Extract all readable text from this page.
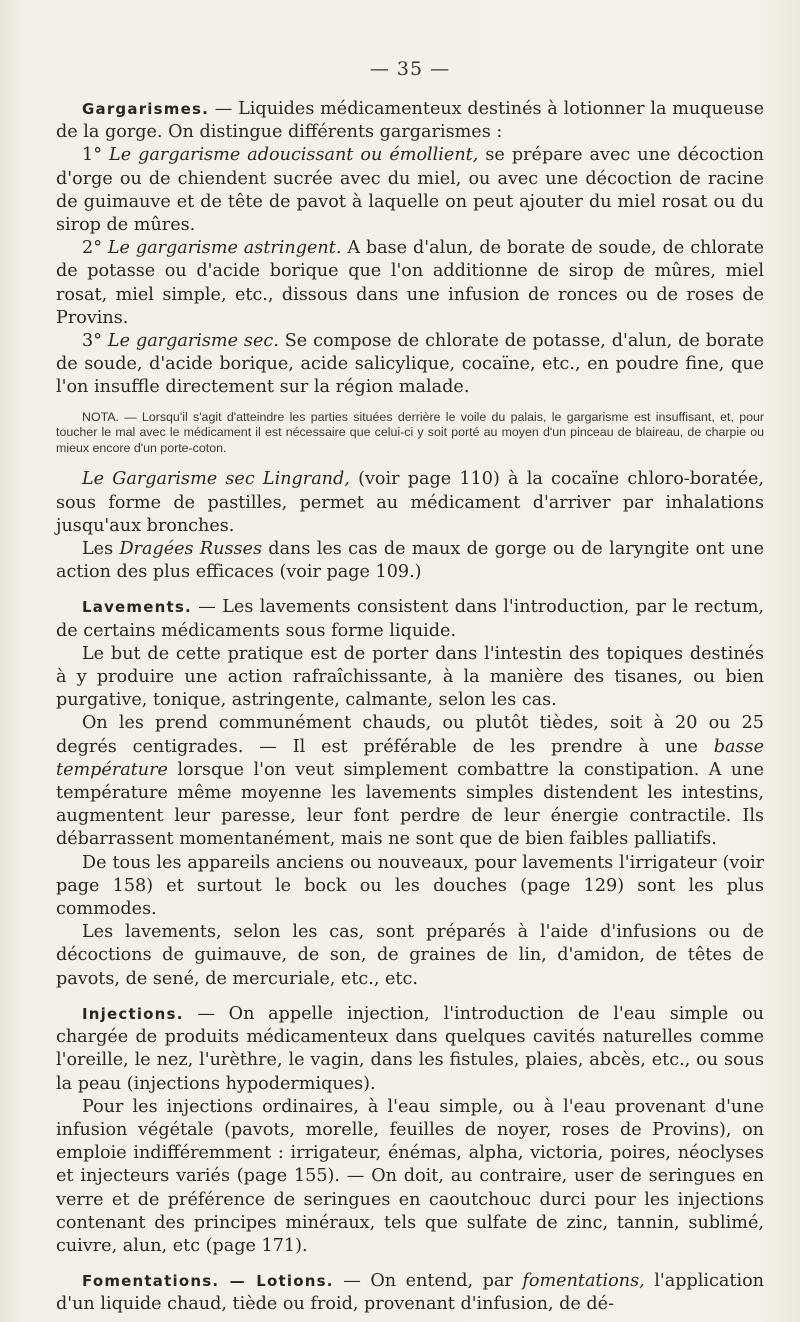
— 35 —

Gargarismes. — Liquides médicamenteux destinés à lotionner la muqueuse de la gorge. On distingue différents gargarismes :

1° Le gargarisme adoucissant ou émollient, se prépare avec une décoction d'orge ou de chiendent sucrée avec du miel, ou avec une décoction de racine de guimauve et de tête de pavot à laquelle on peut ajouter du miel rosat ou du sirop de mûres.

2° Le gargarisme astringent. A base d'alun, de borate de soude, de chlorate de potasse ou d'acide borique que l'on additionne de sirop de mûres, miel rosat, miel simple, etc., dissous dans une infusion de ronces ou de roses de Provins.

3° Le gargarisme sec. Se compose de chlorate de potasse, d'alun, de borate de soude, d'acide borique, acide salicylique, cocaïne, etc., en poudre fine, que l'on insuffle directement sur la région malade.

NOTA. — Lorsqu'il s'agit d'atteindre les parties situées derrière le voile du palais, le gargarisme est insuffisant, et, pour toucher le mal avec le médicament il est nécessaire que celui-ci y soit porté au moyen d'un pinceau de blaireau, de charpie ou mieux encore d'un porte-coton.

Le Gargarisme sec Lingrand, (voir page 110) à la cocaïne chloro-boratée, sous forme de pastilles, permet au médicament d'arriver par inhalations jusqu'aux bronches.

Les Dragées Russes dans les cas de maux de gorge ou de laryngite ont une action des plus efficaces (voir page 109.)

Lavements. — Les lavements consistent dans l'introduction, par le rectum, de certains médicaments sous forme liquide.

Le but de cette pratique est de porter dans l'intestin des topiques destinés à y produire une action rafraîchissante, à la manière des tisanes, ou bien purgative, tonique, astringente, calmante, selon les cas.

On les prend communément chauds, ou plutôt tièdes, soit à 20 ou 25 degrés centigrades. — Il est préférable de les prendre à une basse température lorsque l'on veut simplement combattre la constipation. A une température même moyenne les lavements simples distendent les intestins, augmentent leur paresse, leur font perdre de leur énergie contractile. Ils débarrassent momentanément, mais ne sont que de bien faibles palliatifs.

De tous les appareils anciens ou nouveaux, pour lavements l'irrigateur (voir page 158) et surtout le bock ou les douches (page 129) sont les plus commodes.

Les lavements, selon les cas, sont préparés à l'aide d'infusions ou de décoctions de guimauve, de son, de graines de lin, d'amidon, de têtes de pavots, de sené, de mercuriale, etc., etc.

Injections. — On appelle injection, l'introduction de l'eau simple ou chargée de produits médicamenteux dans quelques cavités naturelles comme l'oreille, le nez, l'urèthre, le vagin, dans les fistules, plaies, abcès, etc., ou sous la peau (injections hypodermiques).

Pour les injections ordinaires, à l'eau simple, ou à l'eau provenant d'une infusion végétale (pavots, morelle, feuilles de noyer, roses de Provins), on emploie indifféremment : irrigateur, énémas, alpha, victoria, poires, néoclyses et injecteurs variés (page 155). — On doit, au contraire, user de seringues en verre et de préférence de seringues en caoutchouc durci pour les injections contenant des principes minéraux, tels que sulfate de zinc, tannin, sublimé, cuivre, alun, etc (page 171).

Fomentations. — Lotions. — On entend, par fomentations, l'application d'un liquide chaud, tiède ou froid, provenant d'infusion, de dé-
